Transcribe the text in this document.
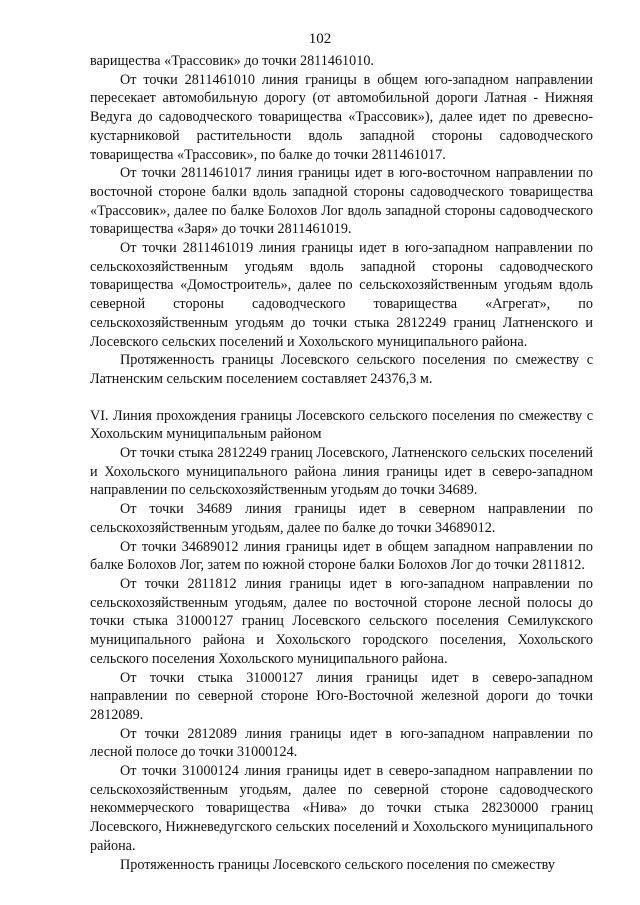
102

вариществa «Трассовик» до точки 2811461010.

От точки 2811461010 линия границы в общем юго-западном направлении пересекает автомобильную дорогу (от автомобильной дороги Латная - Нижняя Ведуга до садоводческого товарищества «Трассовик»), далее идет по древесно-кустарниковой растительности вдоль западной стороны садоводческого товарищества «Трассовик», по балке до точки 2811461017.

От точки 2811461017 линия границы идет в юго-восточном направлении по восточной стороне балки вдоль западной стороны садоводческого товарищества «Трассовик», далее по балке Болохов Лог вдоль западной стороны садоводческого товарищества «Заря» до точки 2811461019.

От точки 2811461019 линия границы идет в юго-западном направлении по сельскохозяйственным угодьям вдоль западной стороны садоводческого товарищества «Домостроитель», далее по сельскохозяйственным угодьям вдоль северной стороны садоводческого товарищества «Агрегат», по сельскохозяйственным угодьям до точки стыка 2812249 границ Латненского и Лосевского сельских поселений и Хохольского муниципального района.

Протяженность границы Лосевского сельского поселения по смежеству с Латненским сельским поселением составляет 24376,3 м.

VI. Линия прохождения границы Лосевского сельского поселения по смежеству с Хохольским муниципальным районом

От точки стыка 2812249 границ Лосевского, Латненского сельских поселений и Хохольского муниципального района линия границы идет в северо-западном направлении по сельскохозяйственным угодьям до точки 34689.

От точки 34689 линия границы идет в северном направлении по сельскохозяйственным угодьям, далее по балке до точки 34689012.

От точки 34689012 линия границы идет в общем западном направлении по балке Болохов Лог, затем по южной стороне балки Болохов Лог до точки 2811812.

От точки 2811812 линия границы идет в юго-западном направлении по сельскохозяйственным угодьям, далее по восточной стороне лесной полосы до точки стыка 31000127 границ Лосевского сельского поселения Семилукского муниципального района и Хохольского городского поселения, Хохольского сельского поселения Хохольского муниципального района.

От точки стыка 31000127 линия границы идет в северо-западном направлении по северной стороне Юго-Восточной железной дороги до точки 2812089.

От точки 2812089 линия границы идет в юго-западном направлении по лесной полосе до точки 31000124.

От точки 31000124 линия границы идет в северо-западном направлении по сельскохозяйственным угодьям, далее по северной стороне садоводческого некоммерческого товарищества «Нива» до точки стыка 28230000 границ Лосевского, Нижневедугского сельских поселений и Хохольского муниципального района.

Протяженность границы Лосевского сельского поселения по смежеству
